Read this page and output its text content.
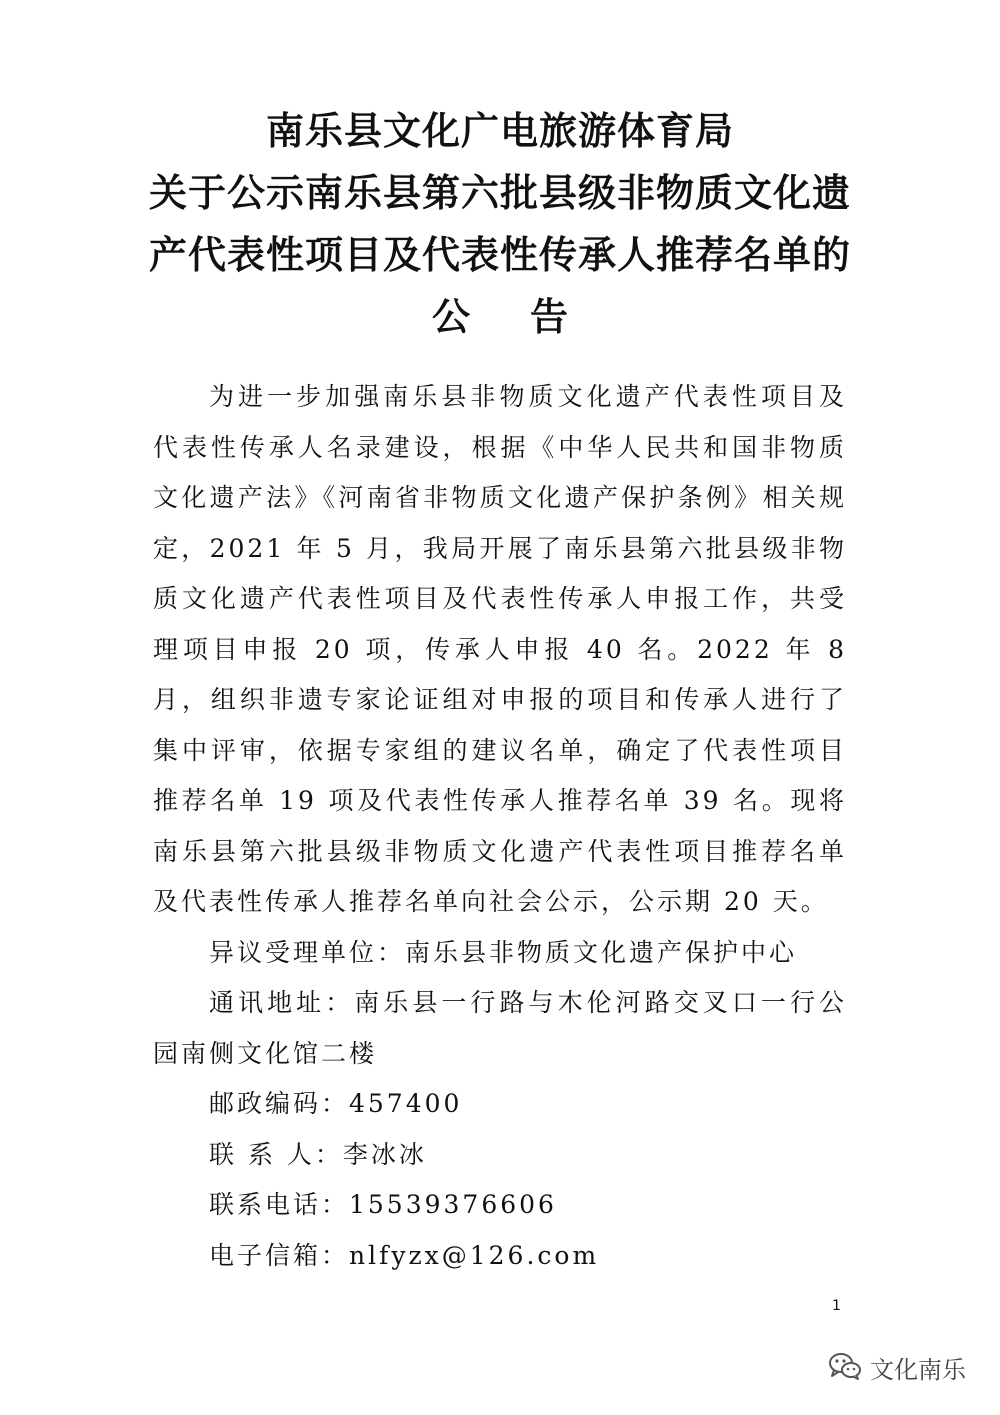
南乐县文化广电旅游体育局
关于公示南乐县第六批县级非物质文化遗
产代表性项目及代表性传承人推荐名单的
公告

为进一步加强南乐县非物质文化遗产代表性项目及代表性传承人名录建设，根据《中华人民共和国非物质文化遗产法》《河南省非物质文化遗产保护条例》相关规定，2021 年 5 月，我局开展了南乐县第六批县级非物质文化遗产代表性项目及代表性传承人申报工作，共受理项目申报 20 项，传承人申报 40 名。2022 年 8 月，组织非遗专家论证组对申报的项目和传承人进行了集中评审，依据专家组的建议名单，确定了代表性项目推荐名单 19 项及代表性传承人推荐名单 39 名。现将南乐县第六批县级非物质文化遗产代表性项目推荐名单及代表性传承人推荐名单向社会公示，公示期 20 天。

异议受理单位：南乐县非物质文化遗产保护中心

通讯地址：南乐县一行路与木伦河路交叉口一行公园南侧文化馆二楼

邮政编码：457400

联 系 人：李冰冰

联系电话：15539376606

电子信箱：nlfyzx@126.com

1
文化南乐
